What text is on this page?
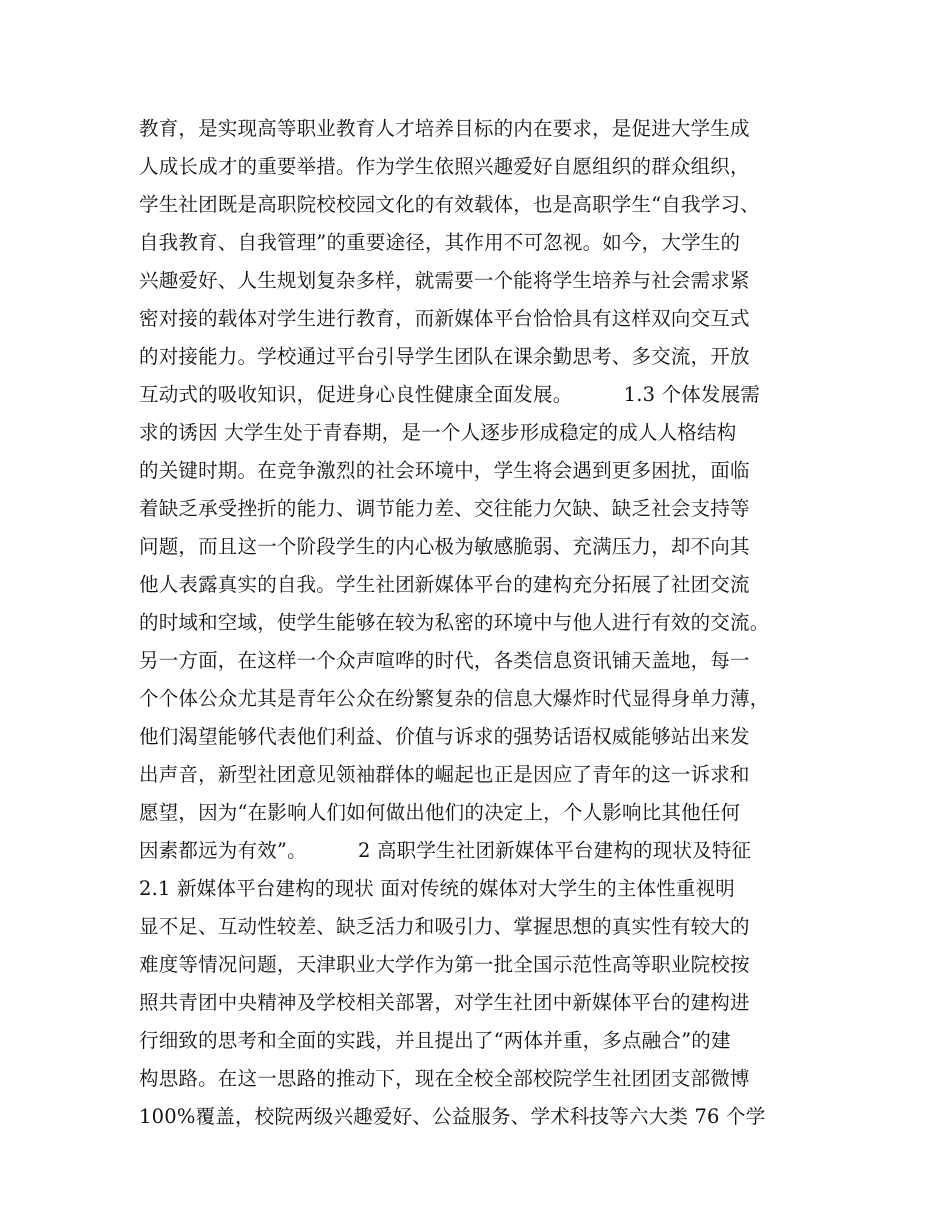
教育，是实现高等职业教育人才培养目标的内在要求，是促进大学生成
人成长成才的重要举措。作为学生依照兴趣爱好自愿组织的群众组织，
学生社团既是高职院校校园文化的有效载体，也是高职学生“自我学习、
自我教育、自我管理”的重要途径，其作用不可忽视。如今，大学生的
兴趣爱好、人生规划复杂多样，就需要一个能将学生培养与社会需求紧
密对接的载体对学生进行教育，而新媒体平台恰恰具有这样双向交互式
的对接能力。学校通过平台引导学生团队在课余勤思考、多交流，开放
互动式的吸收知识，促进身心良性健康全面发展。        1.3 个体发展需
求的诱因 大学生处于青春期，是一个人逐步形成稳定的成人人格结构
的关键时期。在竞争激烈的社会环境中，学生将会遇到更多困扰，面临
着缺乏承受挫折的能力、调节能力差、交往能力欠缺、缺乏社会支持等
问题，而且这一个阶段学生的内心极为敏感脆弱、充满压力，却不向其
他人表露真实的自我。学生社团新媒体平台的建构充分拓展了社团交流
的时域和空域，使学生能够在较为私密的环境中与他人进行有效的交流。
另一方面，在这样一个众声喧哗的时代，各类信息资讯铺天盖地，每一
个个体公众尤其是青年公众在纷繁复杂的信息大爆炸时代显得身单力薄，
他们渴望能够代表他们利益、价值与诉求的强势话语权威能够站出来发
出声音，新型社团意见领袖群体的崛起也正是因应了青年的这一诉求和
愿望，因为“在影响人们如何做出他们的决定上，个人影响比其他任何
因素都远为有效”。        2 高职学生社团新媒体平台建构的现状及特征
2.1 新媒体平台建构的现状 面对传统的媒体对大学生的主体性重视明
显不足、互动性较差、缺乏活力和吸引力、掌握思想的真实性有较大的
难度等情况问题，天津职业大学作为第一批全国示范性高等职业院校按
照共青团中央精神及学校相关部署，对学生社团中新媒体平台的建构进
行细致的思考和全面的实践，并且提出了“两体并重，多点融合”的建
构思路。在这一思路的推动下，现在全校全部校院学生社团团支部微博
100%覆盖，校院两级兴趣爱好、公益服务、学术科技等六大类 76 个学
